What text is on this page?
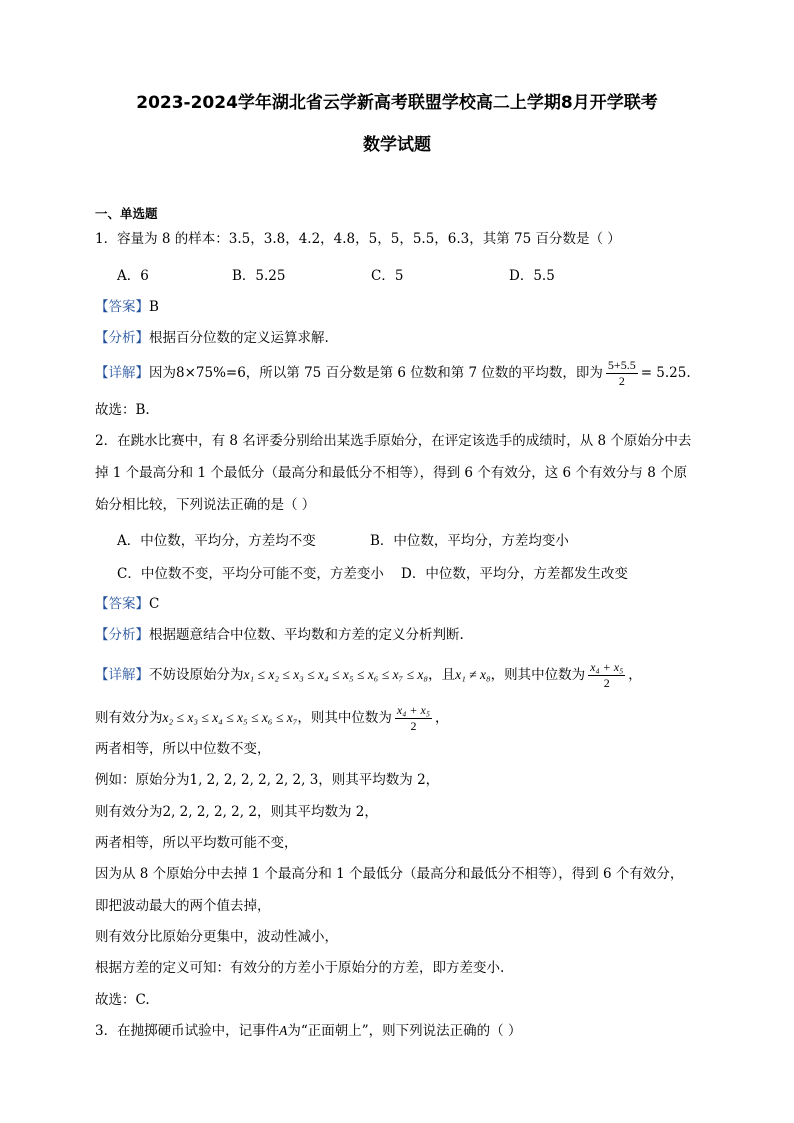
2023-2024学年湖北省云学新高考联盟学校高二上学期8月开学联考
数学试题
一、单选题
1．容量为 8 的样本：3.5，3.8，4.2，4.8，5，5，5.5，6.3，其第 75 百分数是（ ）
A．6	B．5.25	C．5	D．5.5
【答案】B
【分析】根据百分位数的定义运算求解.
【详解】因为8×75%=6，所以第 75 百分数是第 6 位数和第 7 位数的平均数，即为 $\frac{5+5.5}{2} = 5.25$.
故选：B.
2．在跳水比赛中，有 8 名评委分别给出某选手原始分，在评定该选手的成绩时，从 8 个原始分中去
掉 1 个最高分和 1 个最低分（最高分和最低分不相等），得到 6 个有效分，这 6 个有效分与 8 个原
始分相比较，下列说法正确的是（ ）
A．中位数，平均分，方差均不变	B．中位数，平均分，方差均变小
C．中位数不变，平均分可能不变，方差变小 D．中位数，平均分，方差都发生改变
【答案】C
【分析】根据题意结合中位数、平均数和方差的定义分析判断.
【详解】不妨设原始分为x₁ ≤ x₂ ≤ x₃ ≤ x₄ ≤ x₅ ≤ x₆ ≤ x₇ ≤ x₈，且x₁ ≠ x₈，则其中位数为 $\frac{\text{x₄ + x₅}}{2}$ ，
则有效分为x₂ ≤ x₃ ≤ x₄ ≤ x₅ ≤ x₆ ≤ x₇，则其中位数为 $\frac{\text{x₄ + x₅}}{2}$ ，
两者相等，所以中位数不变，
例如：原始分为1, 2, 2, 2, 2, 2, 2, 3，则其平均数为 2，
则有效分为2, 2, 2, 2, 2, 2，则其平均数为 2，
两者相等，所以平均数可能不变，
因为从 8 个原始分中去掉 1 个最高分和 1 个最低分（最高分和最低分不相等），得到 6 个有效分，
即把波动最大的两个值去掉，
则有效分比原始分更集中，波动性减小，
根据方差的定义可知：有效分的方差小于原始分的方差，即方差变小.
故选：C.
3．在抛掷硬币试验中，记事件A为“正面朝上”，则下列说法正确的（ ）
